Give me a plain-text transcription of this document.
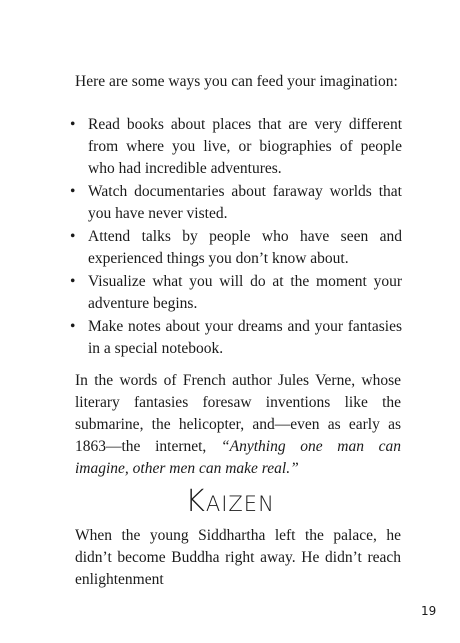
Here are some ways you can feed your imagination:

• Read books about places that are very different from where you live, or biographies of people who had incredible adventures.
• Watch documentaries about faraway worlds that you have never visted.
• Attend talks by people who have seen and experienced things you don’t know about.
• Visualize what you will do at the moment your adventure begins.
• Make notes about your dreams and your fantasies in a special notebook.

In the words of French author Jules Verne, whose literary fantasies foresaw inventions like the submarine, the helicopter, and—even as early as 1863—the internet, “Anything one man can imagine, other men can make real.”

Kaizen

When the young Siddhartha left the palace, he didn’t become Buddha right away. He didn’t reach enlightenment

19
